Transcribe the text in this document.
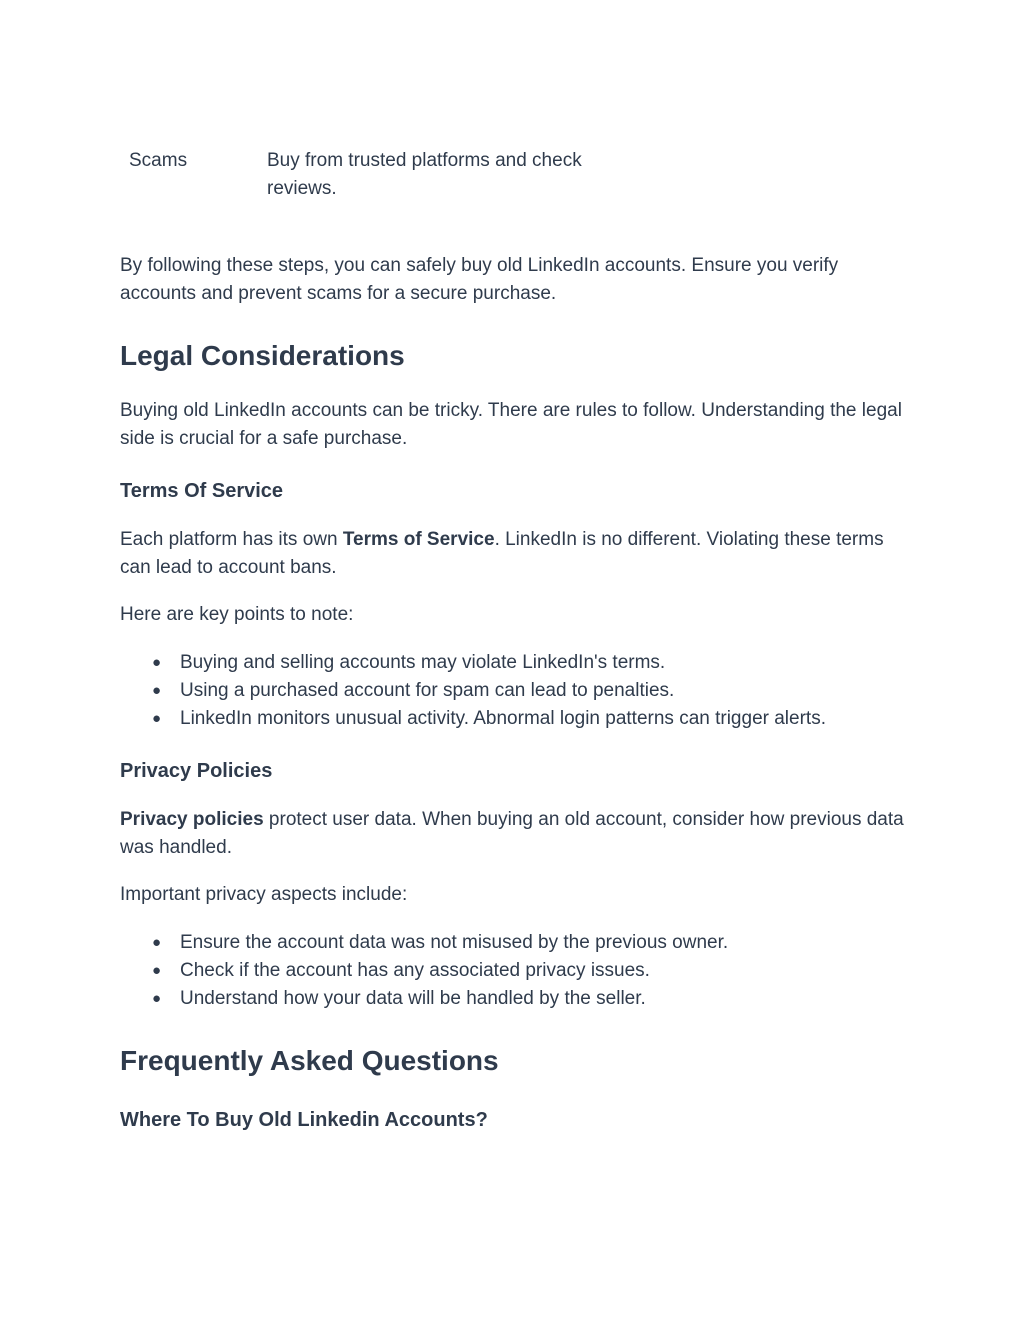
Scams	Buy from trusted platforms and check reviews.

By following these steps, you can safely buy old LinkedIn accounts. Ensure you verify accounts and prevent scams for a secure purchase.

Legal Considerations

Buying old LinkedIn accounts can be tricky. There are rules to follow. Understanding the legal side is crucial for a safe purchase.

Terms Of Service

Each platform has its own Terms of Service. LinkedIn is no different. Violating these terms can lead to account bans.

Here are key points to note:

● Buying and selling accounts may violate LinkedIn's terms.
● Using a purchased account for spam can lead to penalties.
● LinkedIn monitors unusual activity. Abnormal login patterns can trigger alerts.
Privacy Policies

Privacy policies protect user data. When buying an old account, consider how previous data was handled.

Important privacy aspects include:

● Ensure the account data was not misused by the previous owner.
● Check if the account has any associated privacy issues.
● Understand how your data will be handled by the seller.
Frequently Asked Questions
Where To Buy Old Linkedin Accounts?
